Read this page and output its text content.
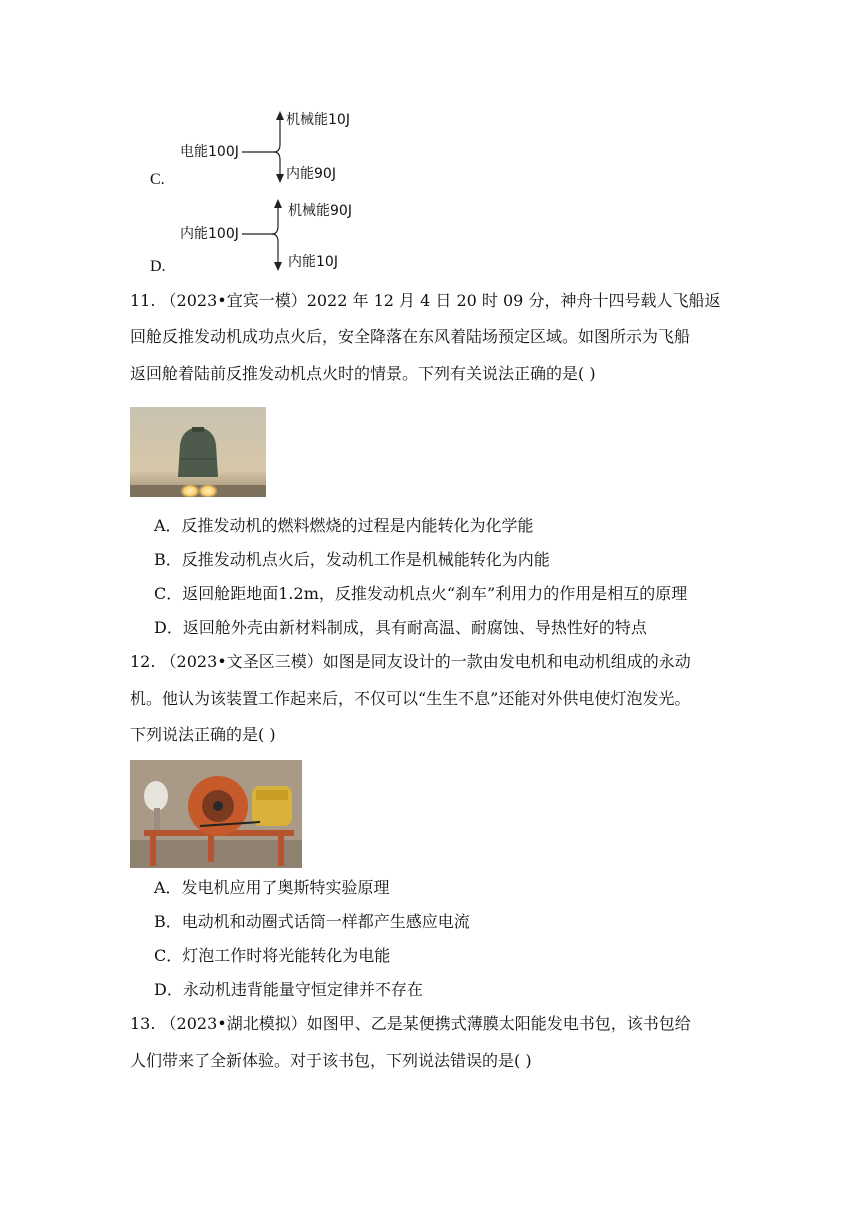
C.
电能100J
机械能10J
内能90J
D.
内能100J
机械能90J
内能10J
11. （2023•宜宾一模）2022 年 12 月 4 日 20 时 09 分，神舟十四号载人飞船返
回舱反推发动机成功点火后，安全降落在东风着陆场预定区域。如图所示为飞船
返回舱着陆前反推发动机点火时的情景。下列有关说法正确的是( )
A．反推发动机的燃料燃烧的过程是内能转化为化学能
B．反推发动机点火后，发动机工作是机械能转化为内能
C．返回舱距地面1.2m，反推发动机点火“刹车”利用力的作用是相互的原理
D．返回舱外壳由新材料制成，具有耐高温、耐腐蚀、导热性好的特点
12. （2023•文圣区三模）如图是同友设计的一款由发电机和电动机组成的永动
机。他认为该装置工作起来后，不仅可以“生生不息”还能对外供电使灯泡发光。
下列说法正确的是( )
A．发电机应用了奥斯特实验原理
B．电动机和动圈式话筒一样都产生感应电流
C．灯泡工作时将光能转化为电能
D．永动机违背能量守恒定律并不存在
13. （2023•湖北模拟）如图甲、乙是某便携式薄膜太阳能发电书包，该书包给
人们带来了全新体验。对于该书包，下列说法错误的是( )
